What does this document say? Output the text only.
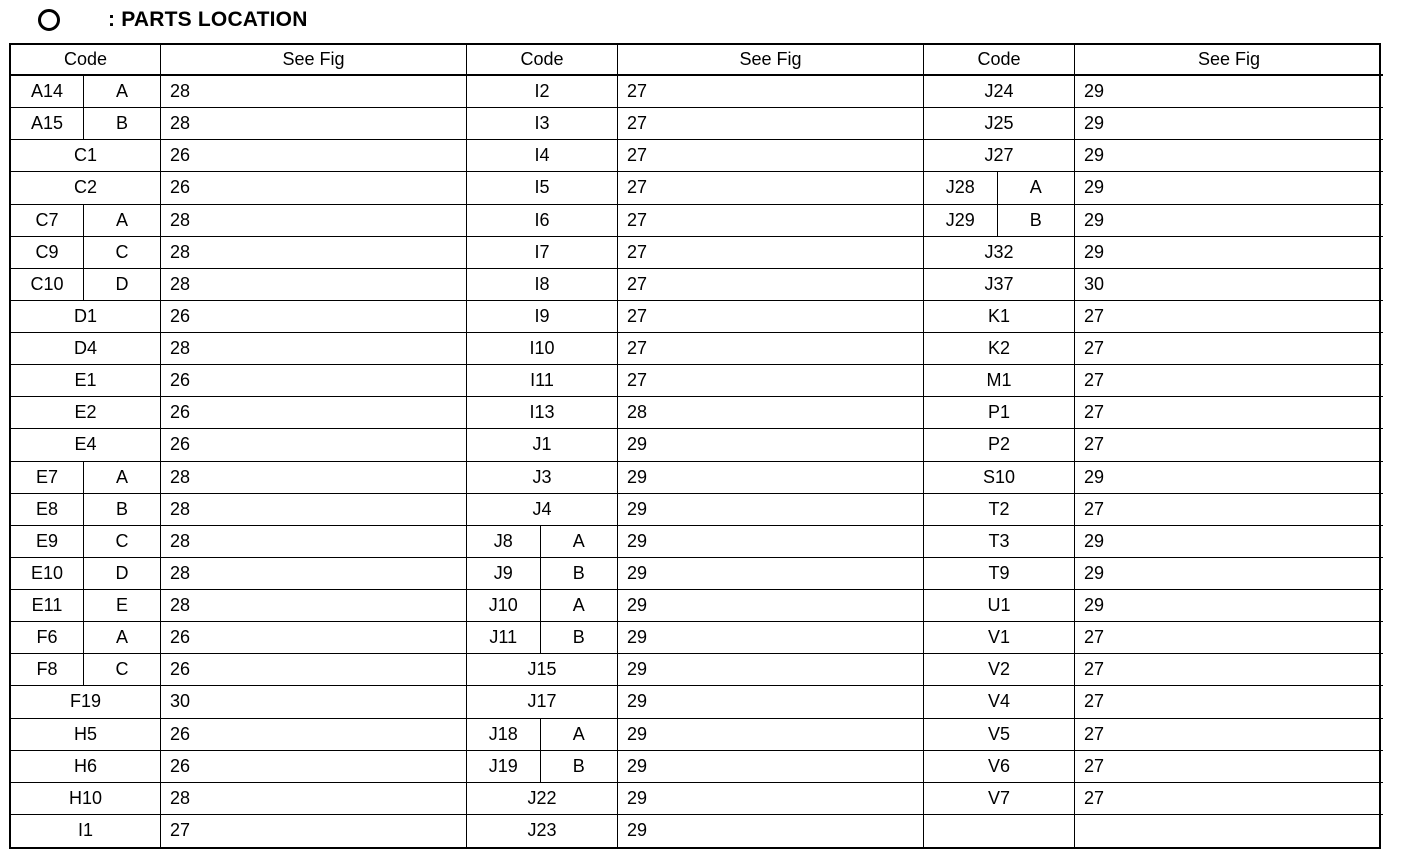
: PARTS LOCATION
Code	See Fig	Code	See Fig	Code	See Fig
A14	A	28	I2	27	J24	29
A15	B	28	I3	27	J25	29
C1	26	I4	27	J27	29
C2	26	I5	27	J28	A	29
C7	A	28	I6	27	J29	B	29
C9	C	28	I7	27	J32	29
C10	D	28	I8	27	J37	30
D1	26	I9	27	K1	27
D4	28	I10	27	K2	27
E1	26	I11	27	M1	27
E2	26	I13	28	P1	27
E4	26	J1	29	P2	27
E7	A	28	J3	29	S10	29
E8	B	28	J4	29	T2	27
E9	C	28	J8	A	29	T3	29
E10	D	28	J9	B	29	T9	29
E11	E	28	J10	A	29	U1	29
F6	A	26	J11	B	29	V1	27
F8	C	26	J15	29	V2	27
F19	30	J17	29	V4	27
H5	26	J18	A	29	V5	27
H6	26	J19	B	29	V6	27
H10	28	J22	29	V7	27
I1	27	J23	29
